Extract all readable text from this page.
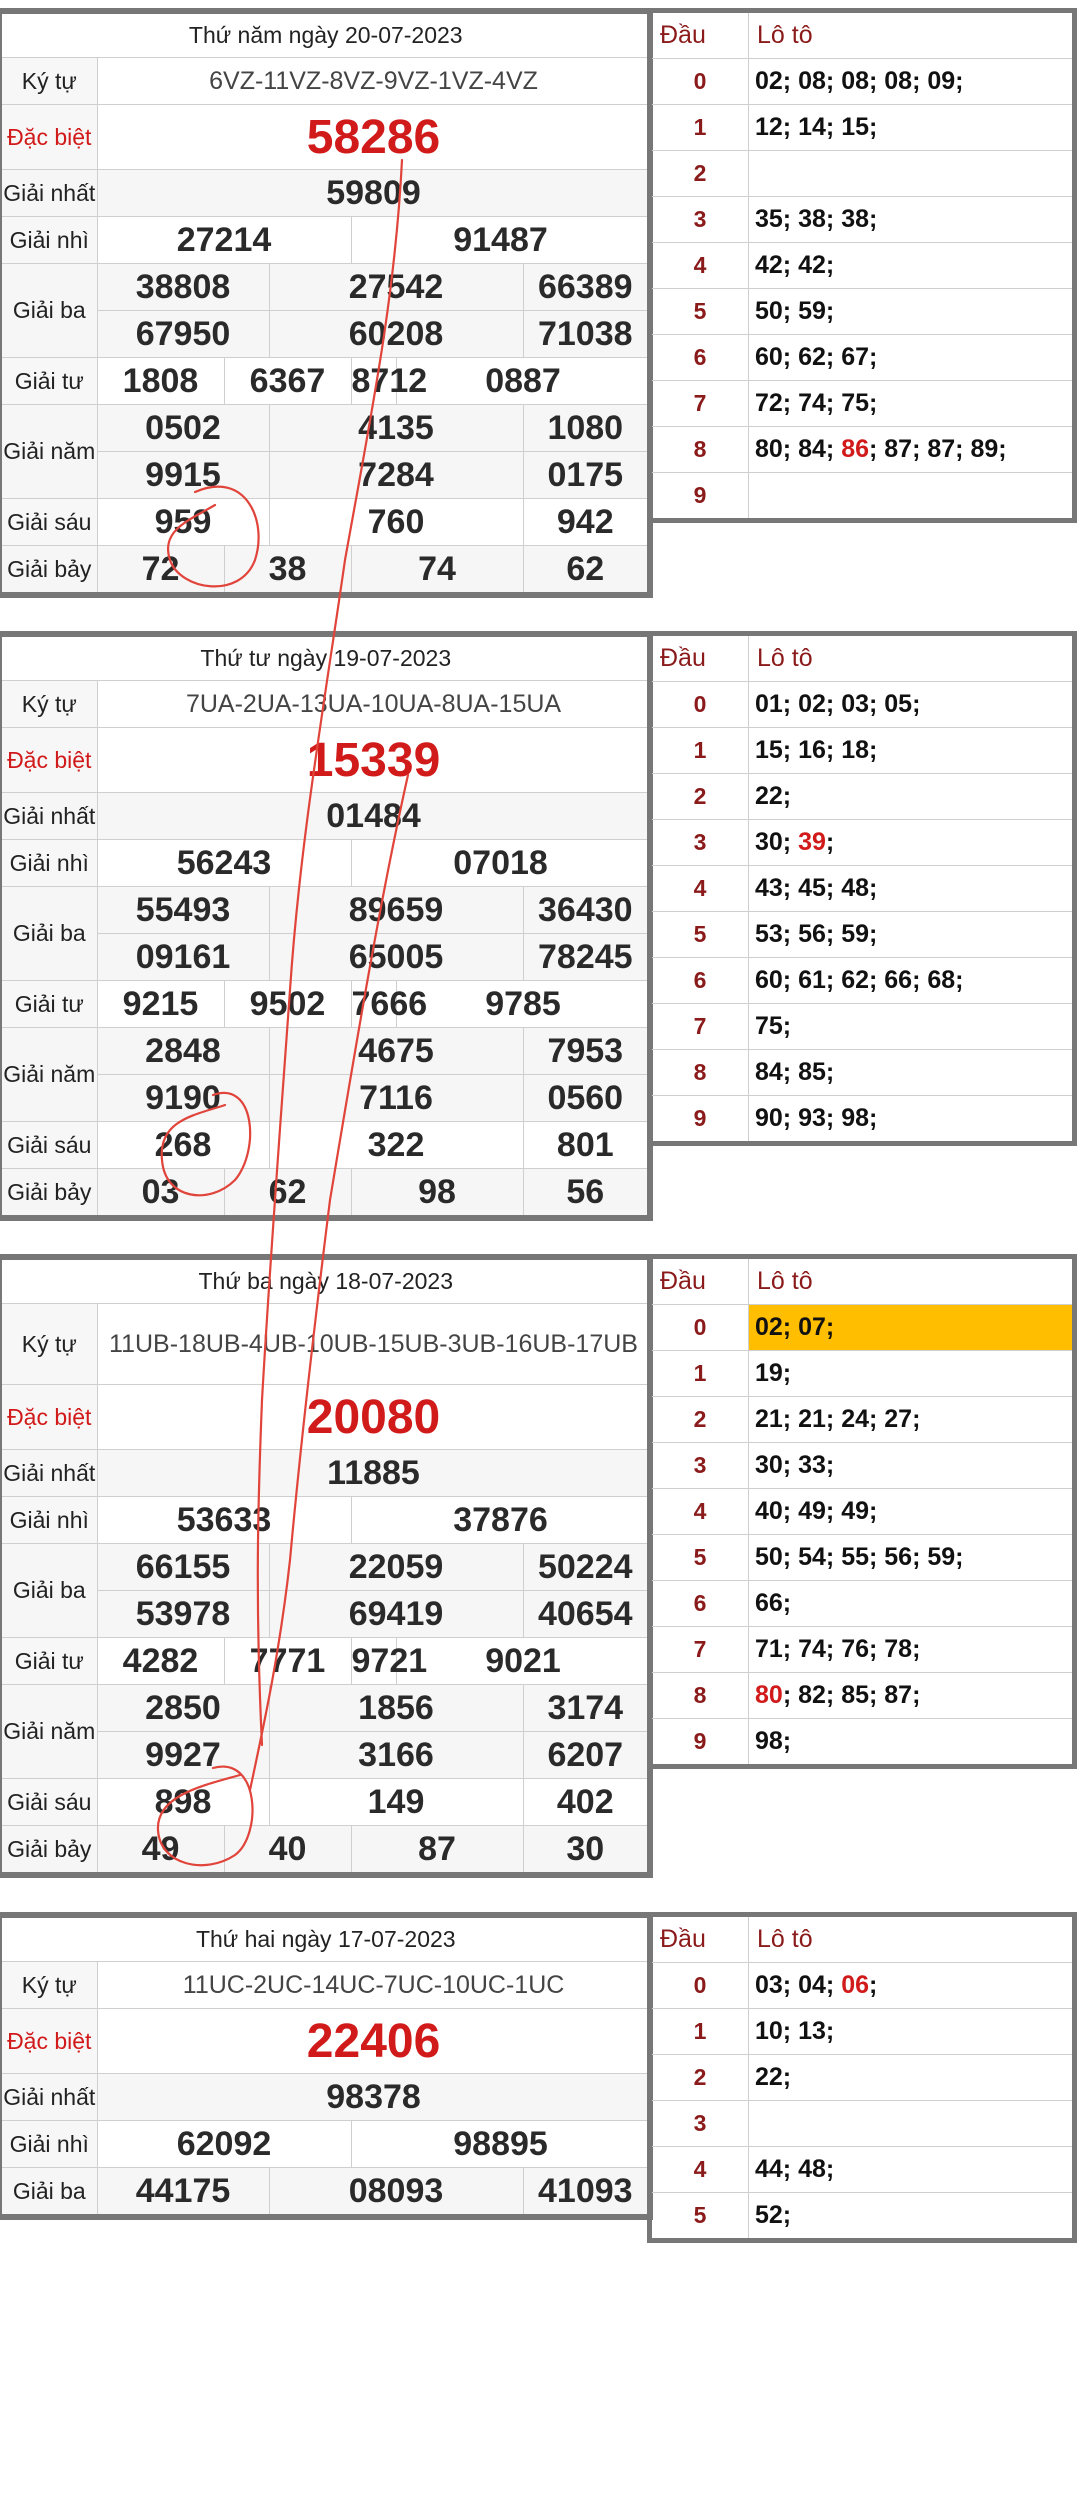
Thứ năm ngày 20-07-2023						
Ký tự	6VZ-11VZ-8VZ-9VZ-1VZ-4VZ					
Đặc biệt	58286					
Giải nhất	59809					
Giải nhì	27214			91487		
Giải ba	38808		27542			66389
	67950		60208			71038
Giải tư	1808	6367		8712	0887	
Giải năm	0502		4135			1080
	9915		7284			0175
Giải sáu	959		760			942
Giải bảy	72	38		74		62
Đầu	Lô tô
0	02; 08; 08; 08; 09;
1	12; 14; 15;
2	
3	35; 38; 38;
4	42; 42;
5	50; 59;
6	60; 62; 67;
7	72; 74; 75;
8	80; 84; 86; 87; 87; 89;
9	
Thứ tư ngày 19-07-2023						
Ký tự	7UA-2UA-13UA-10UA-8UA-15UA					
Đặc biệt	15339					
Giải nhất	01484					
Giải nhì	56243			07018		
Giải ba	55493		89659			36430
	09161		65005			78245
Giải tư	9215	9502		7666	9785	
Giải năm	2848		4675			7953
	9190		7116			0560
Giải sáu	268		322			801
Giải bảy	03	62		98		56
Đầu	Lô tô
0	01; 02; 03; 05;
1	15; 16; 18;
2	22;
3	30; 39;
4	43; 45; 48;
5	53; 56; 59;
6	60; 61; 62; 66; 68;
7	75;
8	84; 85;
9	90; 93; 98;
Thứ ba ngày 18-07-2023						
Ký tự	11UB-18UB-4UB-10UB-15UB-3UB-16UB-17UB					
Đặc biệt	20080					
Giải nhất	11885					
Giải nhì	53633			37876		
Giải ba	66155		22059			50224
	53978		69419			40654
Giải tư	4282	7771		9721	9021	
Giải năm	2850		1856			3174
	9927		3166			6207
Giải sáu	898		149			402
Giải bảy	49	40		87		30
Đầu	Lô tô
0	02; 07;
1	19;
2	21; 21; 24; 27;
3	30; 33;
4	40; 49; 49;
5	50; 54; 55; 56; 59;
6	66;
7	71; 74; 76; 78;
8	80; 82; 85; 87;
9	98;
Thứ hai ngày 17-07-2023				
Ký tự	11UC-2UC-14UC-7UC-10UC-1UC			
Đặc biệt	22406			
Giải nhất	98378			
Giải nhì	62092		98895	
Giải ba	44175	08093		41093
Đầu	Lô tô
0	03; 04; 06;
1	10; 13;
2	22;
3	
4	44; 48;
5	52;
